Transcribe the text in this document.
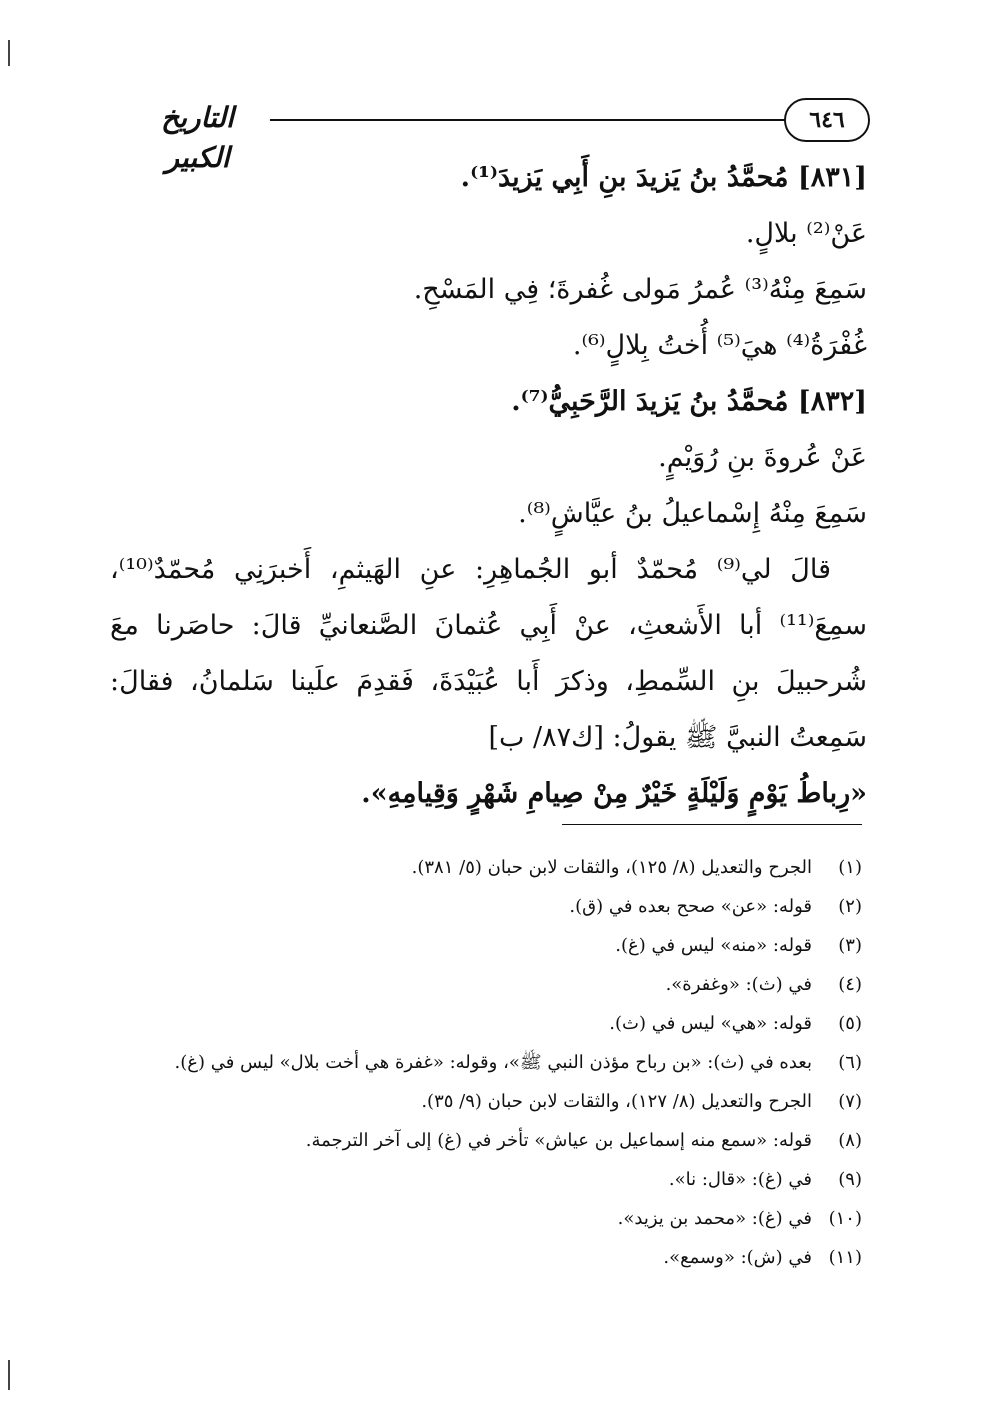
٦٤٦
التاريخ الكبير
[٨٣١] مُحمَّدُ بنُ يَزيدَ بنِ أَبِي يَزيدَ⁽¹⁾.
عَنْ⁽²⁾ بلالٍ.
سَمِعَ مِنْهُ⁽³⁾ عُمرُ مَولى غُفرةَ؛ فِي المَسْحِ.
غُفْرَةُ⁽⁴⁾ هيَ⁽⁵⁾ أُختُ بِلالٍ⁽⁶⁾.
[٨٣٢] مُحمَّدُ بنُ يَزيدَ الرَّحَبِيُّ⁽⁷⁾.
عَنْ عُروةَ بنِ رُوَيْمٍ.
سَمِعَ مِنْهُ إِسْماعيلُ بنُ عيَّاشٍ⁽⁸⁾.
قالَ لي⁽⁹⁾ مُحمّدٌ أبو الجُماهِرِ: عنِ الهَيثمِ، أَخبرَنِي مُحمّدٌ⁽¹⁰⁾، سمِعَ⁽¹¹⁾ أبا الأَشعثِ، عنْ أَبِي عُثمانَ الصَّنعانيِّ قالَ: حاصَرنا معَ شُرحبيلَ بنِ السِّمطِ، وذكرَ أَبا عُبَيْدَةَ، فَقدِمَ علَينا سَلمانُ، فقالَ: سَمِعتُ النبيَّ ﷺ يقولُ: [ك٨٧/ ب]
«رِباطُ يَوْمٍ وَلَيْلَةٍ خَيْرٌ مِنْ صِيامِ شَهْرٍ وَقِيامِهِ».
(١)
الجرح والتعديل (٨/ ١٢٥)، والثقات لابن حبان (٥/ ٣٨١).
(٢)
قوله: «عن» صحح بعده في (ق).
(٣)
قوله: «منه» ليس في (غ).
(٤)
في (ث): «وغفرة».
(٥)
قوله: «هي» ليس في (ث).
(٦)
بعده في (ث): «بن رباح مؤذن النبي ﷺ»، وقوله: «غفرة هي أخت بلال» ليس في (غ).
(٧)
الجرح والتعديل (٨/ ١٢٧)، والثقات لابن حبان (٩/ ٣٥).
(٨)
قوله: «سمع منه إسماعيل بن عياش» تأخر في (غ) إلى آخر الترجمة.
(٩)
في (غ): «قال: نا».
(١٠)
في (غ): «محمد بن يزيد».
(١١)
في (ش): «وسمع».
